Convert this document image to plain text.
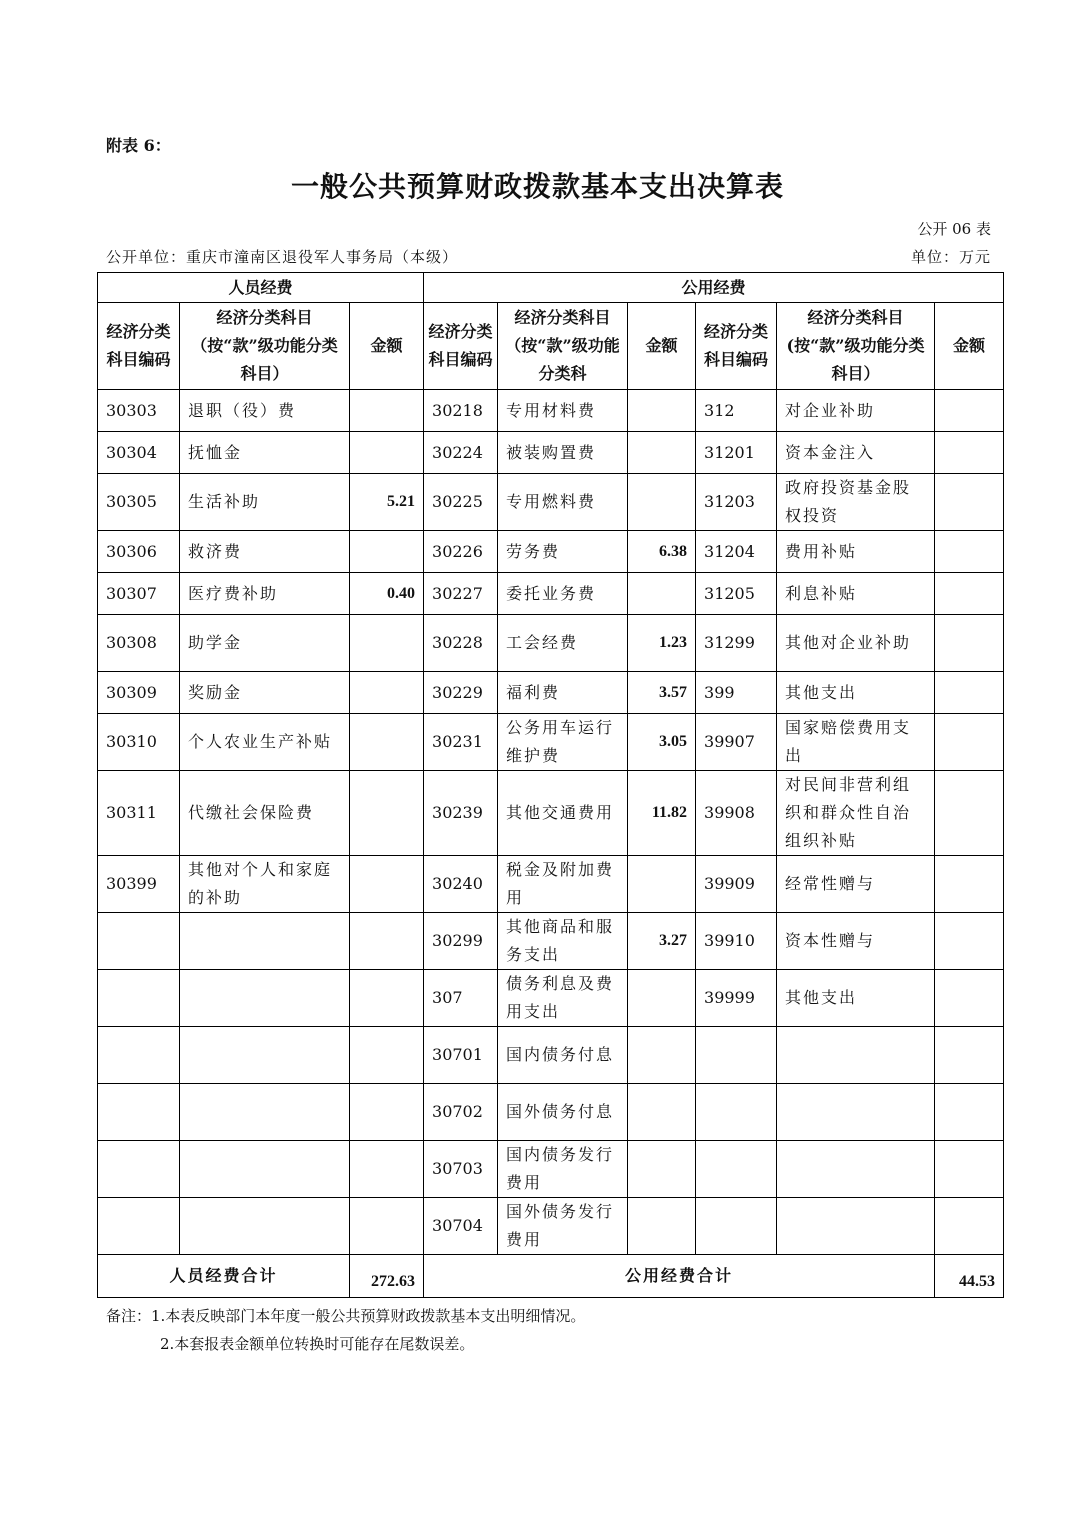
附表 6：
一般公共预算财政拨款基本支出决算表
公开 06 表
公开单位：重庆市潼南区退役军人事务局（本级）	单位：万元
人员经费			公用经费					
经济分类科目编码	经济分类科目（按“款”级功能分类科目）	金额	经济分类科目编码	经济分类科目（按“款”级功能分类科	金额	经济分类科目编码	经济分类科目(按“款”级功能分类科目）	金额
30303	退职（役）费		30218	专用材料费		312	对企业补助	
30304	抚恤金		30224	被装购置费		31201	资本金注入	
30305	生活补助	5.21	30225	专用燃料费		31203	政府投资基金股权投资	
30306	救济费		30226	劳务费	6.38	31204	费用补贴	
30307	医疗费补助	0.40	30227	委托业务费		31205	利息补贴	
30308	助学金		30228	工会经费	1.23	31299	其他对企业补助	
30309	奖励金		30229	福利费	3.57	399	其他支出	
30310	个人农业生产补贴		30231	公务用车运行维护费	3.05	39907	国家赔偿费用支出	
30311	代缴社会保险费		30239	其他交通费用	11.82	39908	对民间非营利组织和群众性自治组织补贴	
30399	其他对个人和家庭的补助		30240	税金及附加费用		39909	经常性赠与	
			30299	其他商品和服务支出	3.27	39910	资本性赠与	
			307	债务利息及费用支出		39999	其他支出	
			30701	国内债务付息				
			30702	国外债务付息				
			30703	国内债务发行费用				
			30704	国外债务发行费用				
人员经费合计		272.63	公用经费合计					44.53
备注：1.本表反映部门本年度一般公共预算财政拨款基本支出明细情况。
2.本套报表金额单位转换时可能存在尾数误差。
